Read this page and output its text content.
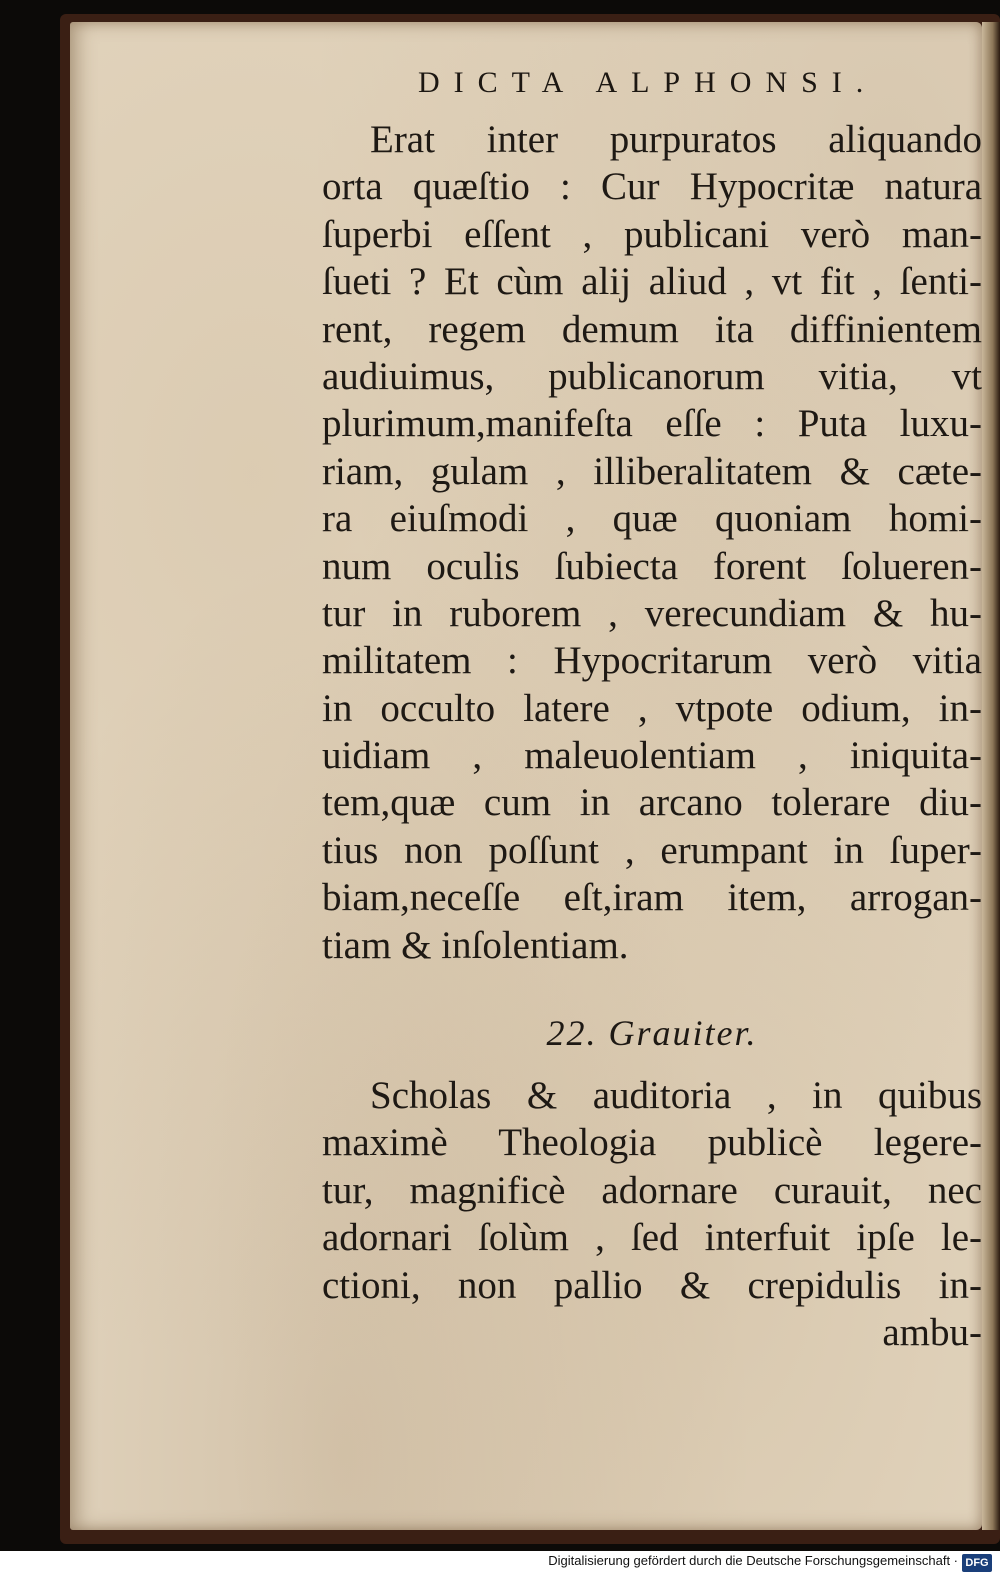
DICTA ALPHONSI.
Erat inter purpuratos aliquando
orta quæſtio : Cur Hypocritæ natura
ſuperbi eſſent , publicani verò man-
ſueti ? Et cùm alij aliud , vt fit , ſenti-
rent, regem demum ita diffinientem
audiuimus, publicanorum vitia, vt
plurimum,manifeſta eſſe : Puta luxu-
riam, gulam , illiberalitatem & cæte-
ra eiuſmodi , quæ quoniam homi-
num oculis ſubiecta forent ſolueren-
tur in ruborem , verecundiam & hu-
militatem : Hypocritarum verò vitia
in occulto latere , vtpote odium, in-
uidiam , maleuolentiam , iniquita-
tem,quæ cum in arcano tolerare diu-
tius non poſſunt , erumpant in ſuper-
biam,neceſſe eſt,iram item, arrogan-
tiam & inſolentiam.
22. Grauiter.
Scholas & auditoria , in quibus
maximè Theologia publicè legere-
tur, magnificè adornare curauit, nec
adornari ſolùm , ſed interfuit ipſe le-
ctioni, non pallio & crepidulis in-
ambu-
Digitalisierung gefördert durch die Deutsche Forschungsgemeinschaft · DFG
